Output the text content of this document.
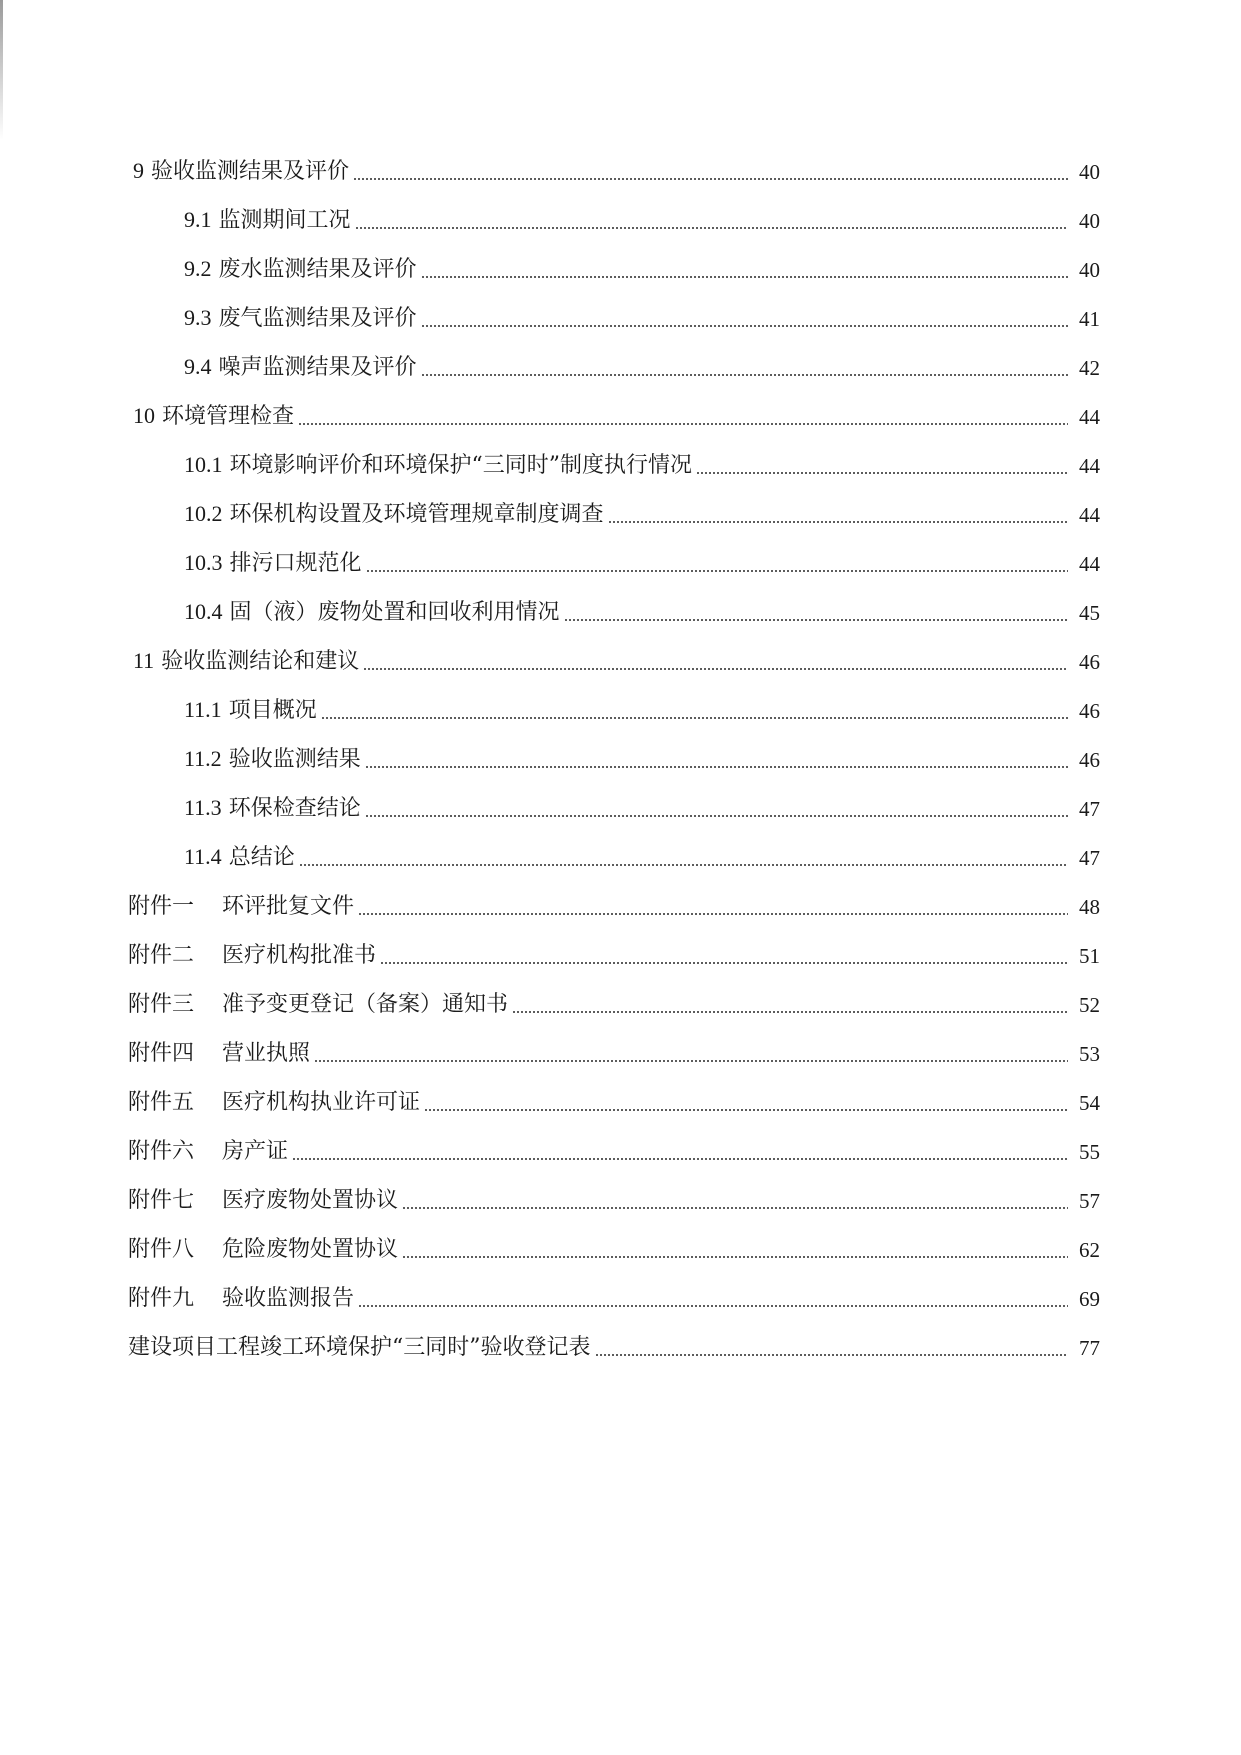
9 验收监测结果及评价	40
9.1 监测期间工况	40
9.2 废水监测结果及评价	40
9.3 废气监测结果及评价	41
9.4 噪声监测结果及评价	42
10 环境管理检查	44
10.1 环境影响评价和环境保护“三同时”制度执行情况	44
10.2 环保机构设置及环境管理规章制度调查	44
10.3 排污口规范化	44
10.4 固（液）废物处置和回收利用情况	45
11 验收监测结论和建议	46
11.1 项目概况	46
11.2 验收监测结果	46
11.3 环保检查结论	47
11.4 总结论	47
附件一 环评批复文件	48
附件二 医疗机构批准书	51
附件三 准予变更登记（备案）通知书	52
附件四 营业执照	53
附件五 医疗机构执业许可证	54
附件六 房产证	55
附件七 医疗废物处置协议	57
附件八 危险废物处置协议	62
附件九 验收监测报告	69
建设项目工程竣工环境保护“三同时”验收登记表	77
